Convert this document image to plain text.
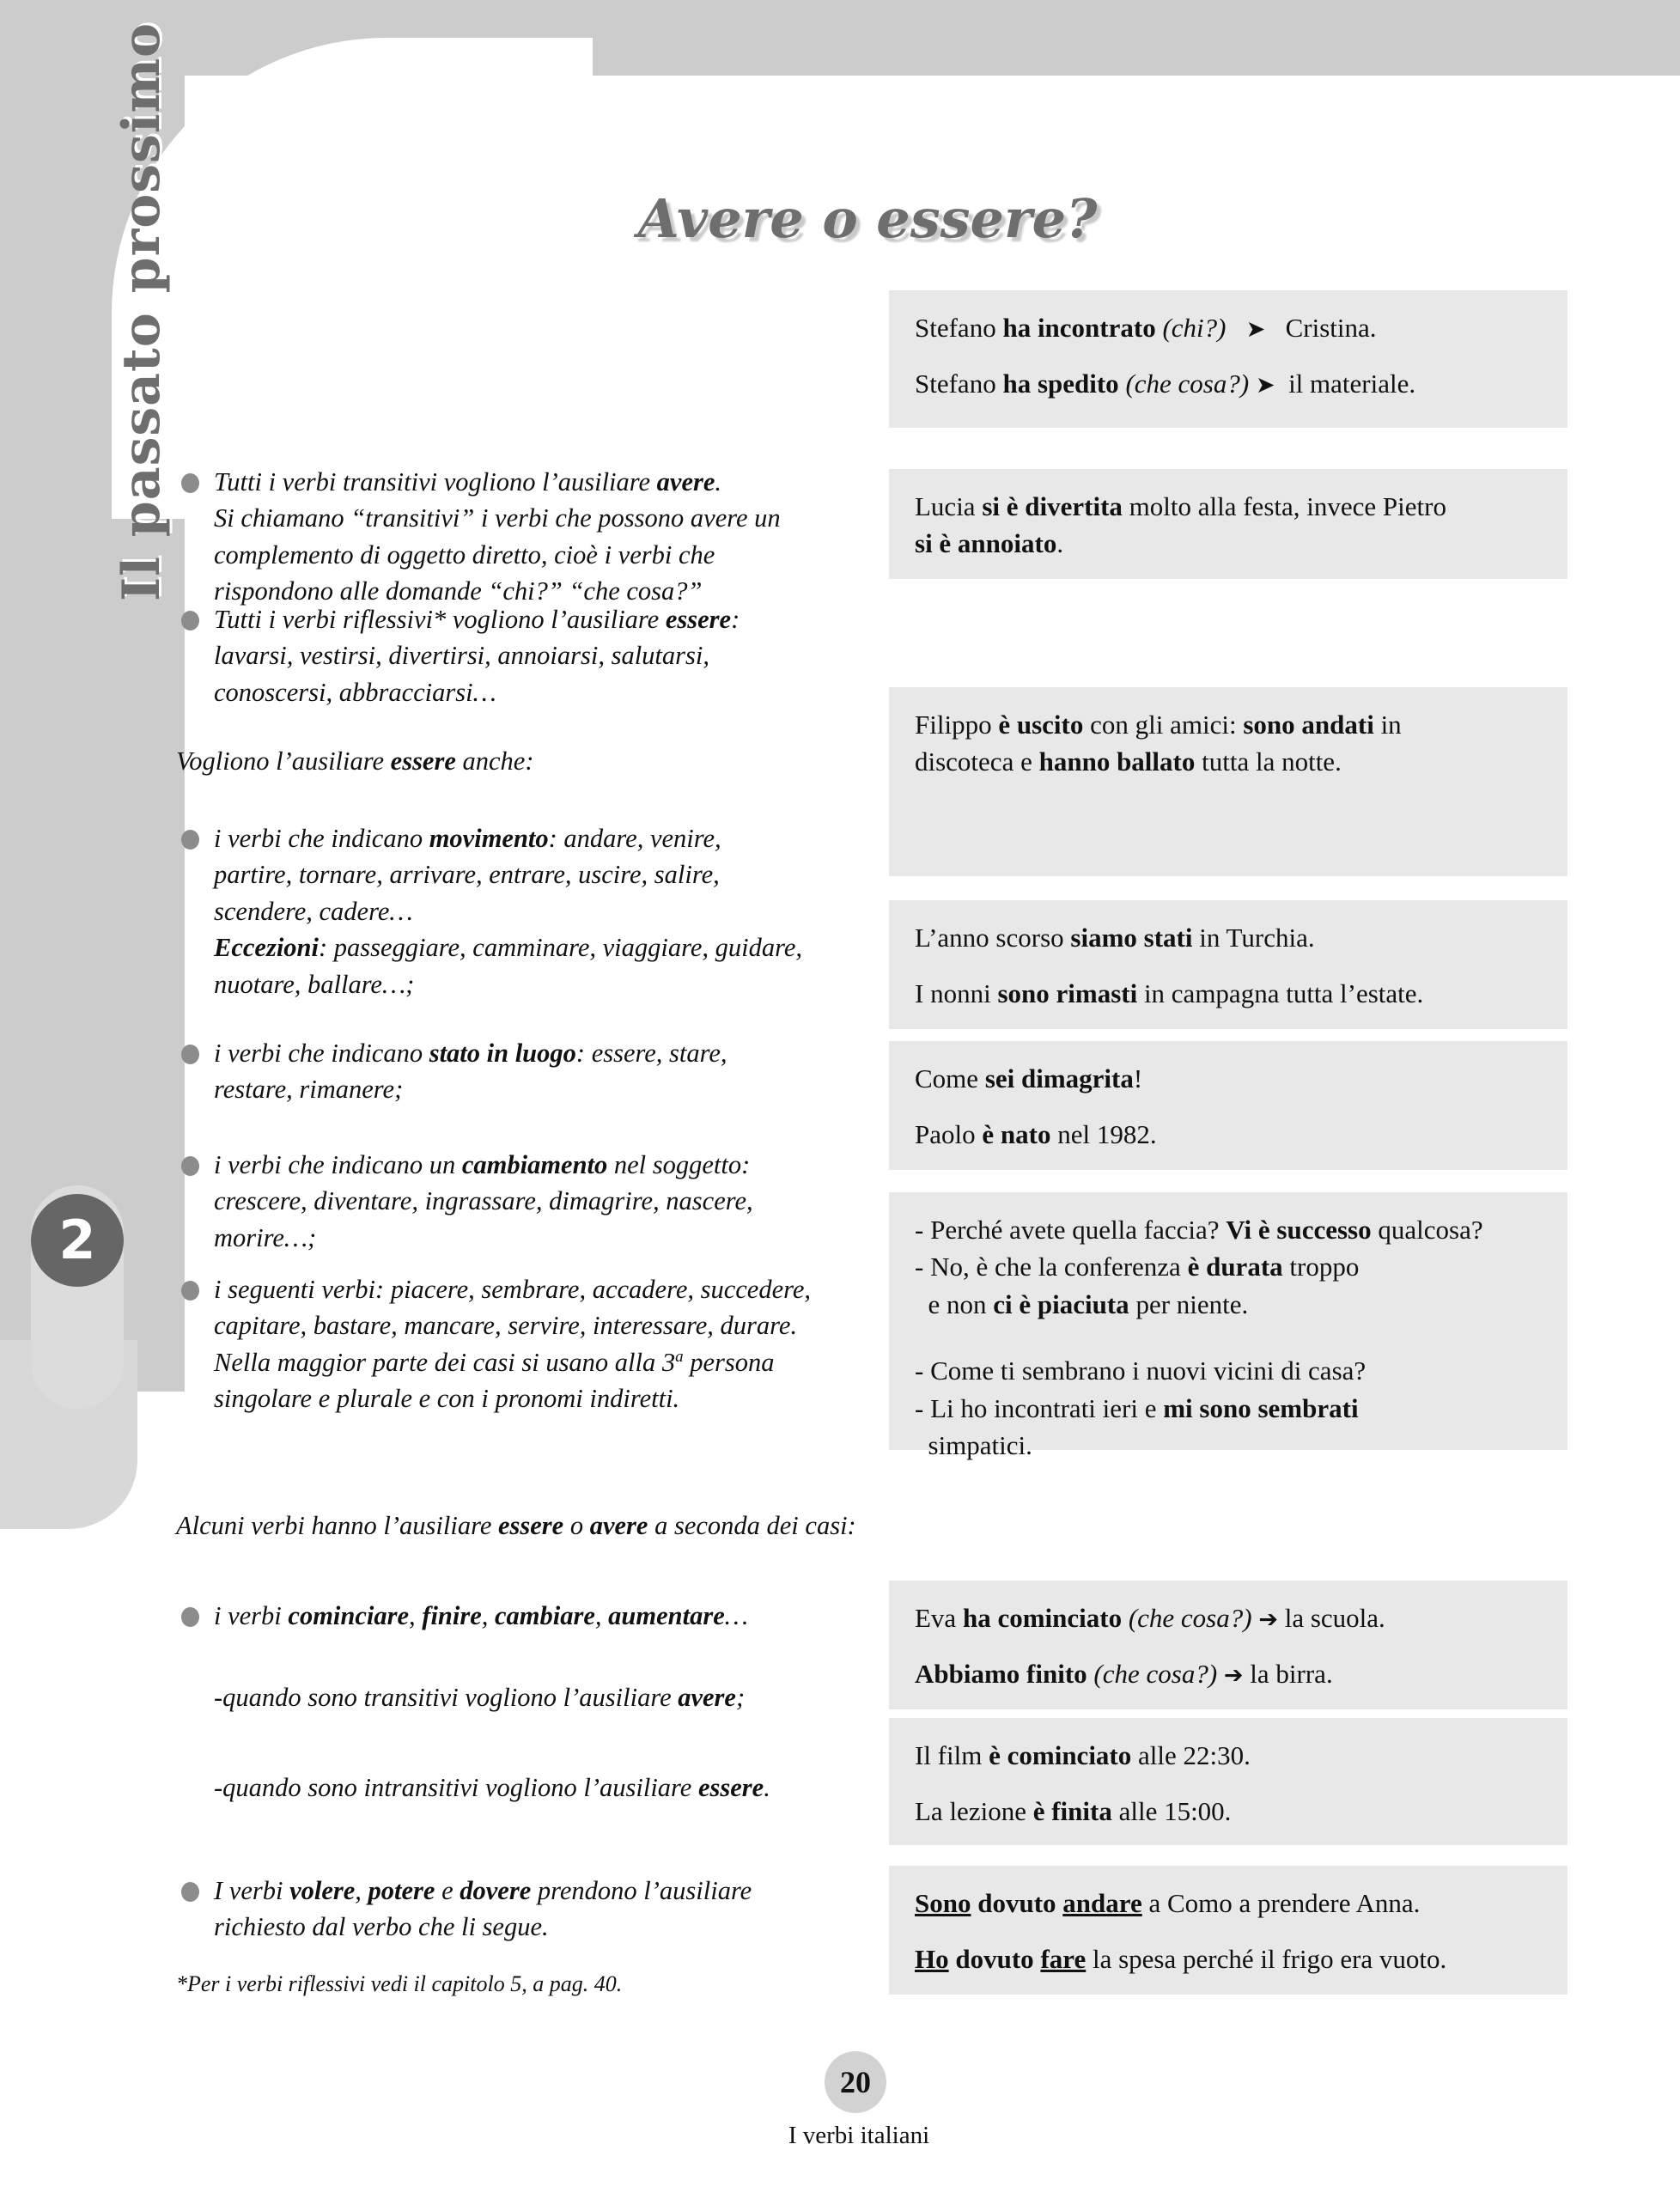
2
Il passato prossimo	Avere o essere?
Tutti i verbi transitivi vogliono l’ausiliare avere.
Si chiamano “transitivi” i verbi che possono avere un
complemento di oggetto diretto, cioè i verbi che
rispondono alle domande “chi?” “che cosa?”
Tutti i verbi riflessivi* vogliono l’ausiliare essere:
lavarsi, vestirsi, divertirsi, annoiarsi, salutarsi,
conoscersi, abbracciarsi…
Vogliono l’ausiliare essere anche:
i verbi che indicano movimento: andare, venire,
partire, tornare, arrivare, entrare, uscire, salire,
scendere, cadere…
Eccezioni: passeggiare, camminare, viaggiare, guidare,
nuotare, ballare…;
i verbi che indicano stato in luogo: essere, stare,
restare, rimanere;
i verbi che indicano un cambiamento nel soggetto:
crescere, diventare, ingrassare, dimagrire, nascere,
morire…;
i seguenti verbi: piacere, sembrare, accadere, succedere,
capitare, bastare, mancare, servire, interessare, durare.
Nella maggior parte dei casi si usano alla 3$^a$ persona
singolare e plurale e con i pronomi indiretti.
Alcuni verbi hanno l’ausiliare essere o avere a seconda dei casi:
i verbi cominciare, finire, cambiare, aumentare…
-quando sono transitivi vogliono l’ausiliare avere;
-quando sono intransitivi vogliono l’ausiliare essere.
I verbi volere, potere e dovere prendono l’ausiliare
richiesto dal verbo che li segue.

Stefano ha incontrato (chi?) ➤   Cristina.

Stefano ha spedito (che cosa?) ➤  il materiale.

Lucia si è divertita molto alla festa, invece Pietro
si è annoiato.

Filippo è uscito con gli amici: sono andati in
discoteca e hanno ballato tutta la notte.

L’anno scorso siamo stati in Turchia.

I nonni sono rimasti in campagna tutta l’estate.

Come sei dimagrita!

Paolo è nato nel 1982.

- Perché avete quella faccia? Vi è successo qualcosa?
- No, è che la conferenza è durata troppo
e non ci è piaciuta per niente.
- Come ti sembrano i nuovi vicini di casa?
- Li ho incontrati ieri e mi sono sembrati
simpatici.

Eva ha cominciato (che cosa?) ➔ la scuola.

Abbiamo finito (che cosa?) ➔ la birra.

Il film è cominciato alle 22:30.

La lezione è finita alle 15:00.

Sono dovuto andare a Como a prendere Anna.

Ho dovuto fare la spesa perché il frigo era vuoto.

*Per i verbi riflessivi vedi il capitolo 5, a pag. 40.
20
I verbi italiani
